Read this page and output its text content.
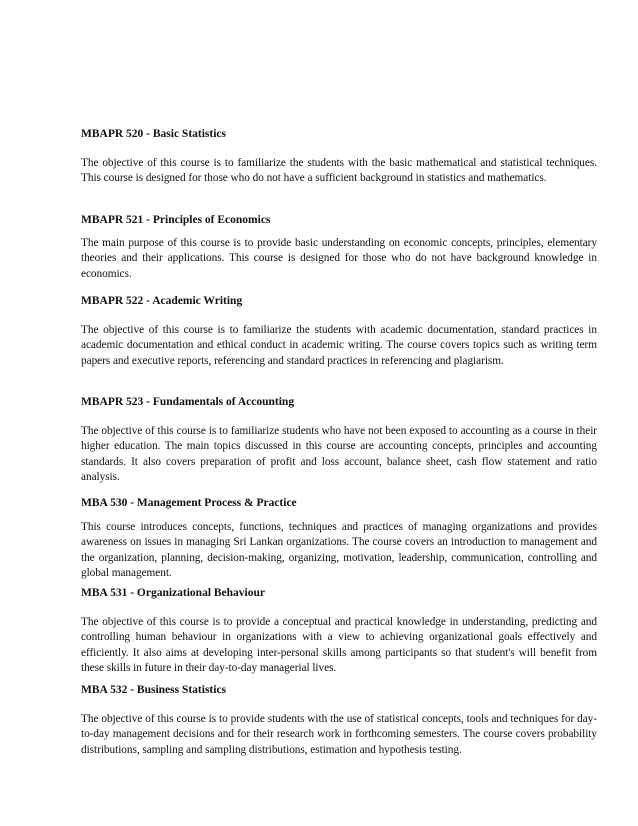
MBAPR 520 - Basic Statistics

The objective of this course is to familiarize the students with the basic mathematical and statistical techniques. This course is designed for those who do not have a sufficient background in statistics and mathematics.

MBAPR 521 - Principles of Economics

The main purpose of this course is to provide basic understanding on economic concepts, principles, elementary theories and their applications. This course is designed for those who do not have background knowledge in economics.

MBAPR 522 - Academic Writing

The objective of this course is to familiarize the students with academic documentation, standard practices in academic documentation and ethical conduct in academic writing. The course covers topics such as writing term papers and executive reports, referencing and standard practices in referencing and plagiarism.

MBAPR 523 - Fundamentals of Accounting

The objective of this course is to familiarize students who have not been exposed to accounting as a course in their higher education. The main topics discussed in this course are accounting concepts, principles and accounting standards. It also covers preparation of profit and loss account, balance sheet, cash flow statement and ratio analysis.

MBA 530 - Management Process & Practice

This course introduces concepts, functions, techniques and practices of managing organizations and provides awareness on issues in managing Sri Lankan organizations. The course covers an introduction to management and the organization, planning, decision-making, organizing, motivation, leadership, communication, controlling and global management.

MBA 531 - Organizational Behaviour

The objective of this course is to provide a conceptual and practical knowledge in understanding, predicting and controlling human behaviour in organizations with a view to achieving organizational goals effectively and efficiently. It also aims at developing inter-personal skills among participants so that student's will benefit from these skills in future in their day-to-day managerial lives.

MBA 532 - Business Statistics

The objective of this course is to provide students with the use of statistical concepts, tools and techniques for day-to-day management decisions and for their research work in forthcoming semesters. The course covers probability distributions, sampling and sampling distributions, estimation and hypothesis testing.
